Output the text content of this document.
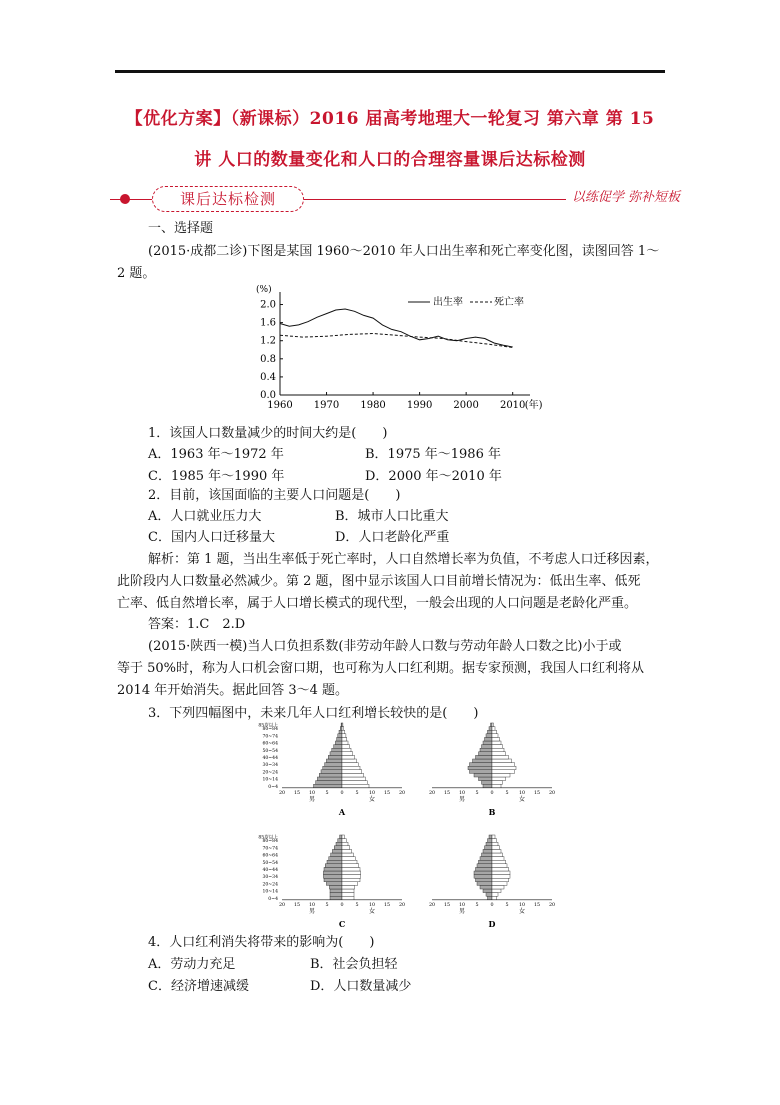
【优化方案】（新课标）2016 届高考地理大一轮复习 第六章 第 15
讲 人口的数量变化和人口的合理容量课后达标检测
课后达标检测	以练促学 弥补短板
一、选择题
(2015·成都二诊)下图是某国 1960～2010 年人口出生率和死亡率变化图，读图回答 1～
2 题。
(%)
0.0
0.4
0.8
1.2
1.6
2.0
1960 1970 1980 1990 2000 2010 (年)
出生率	死亡率
1．该国人口数量减少的时间大约是(　　)
A．1963 年～1972 年	B．1975 年～1986 年
C．1985 年～1990 年	D．2000 年～2010 年
2．目前，该国面临的主要人口问题是(　　)
A．人口就业压力大	B．城市人口比重大
C．国内人口迁移量大	D．人口老龄化严重
解析：第 1 题，当出生率低于死亡率时，人口自然增长率为负值，不考虑人口迁移因素，
此阶段内人口数量必然减少。第 2 题，图中显示该国人口目前增长情况为：低出生率、低死
亡率、低自然增长率，属于人口增长模式的现代型，一般会出现的人口问题是老龄化严重。
答案：1.C　2.D
(2015·陕西一模)当人口负担系数(非劳动年龄人口数与劳动年龄人口数之比)小于或
等于 50%时，称为人口机会窗口期，也可称为人口红利期。据专家预测，我国人口红利将从
2014 年开始消失。据此回答 3～4 题。
3．下列四幅图中，未来几年人口红利增长较快的是(　　)
0~4
10~14
20~24
30~34
40~44
50~54
60~64
70~74
80~84
85岁以上
20 15 10 5 0 5 10 15 20
男	女
A
20 15 10 5 0 5 10 15 20
男	女
B
0~4
10~14
20~24
30~34
40~44
50~54
60~64
70~74
80~84
85岁以上
20 15 10 5 0 5 10 15 20
男	女
C
20 15 10 5 0 5 10 15 20
男	女
D
4．人口红利消失将带来的影响为(　　)
A．劳动力充足	B．社会负担轻
C．经济增速减缓	D．人口数量减少
